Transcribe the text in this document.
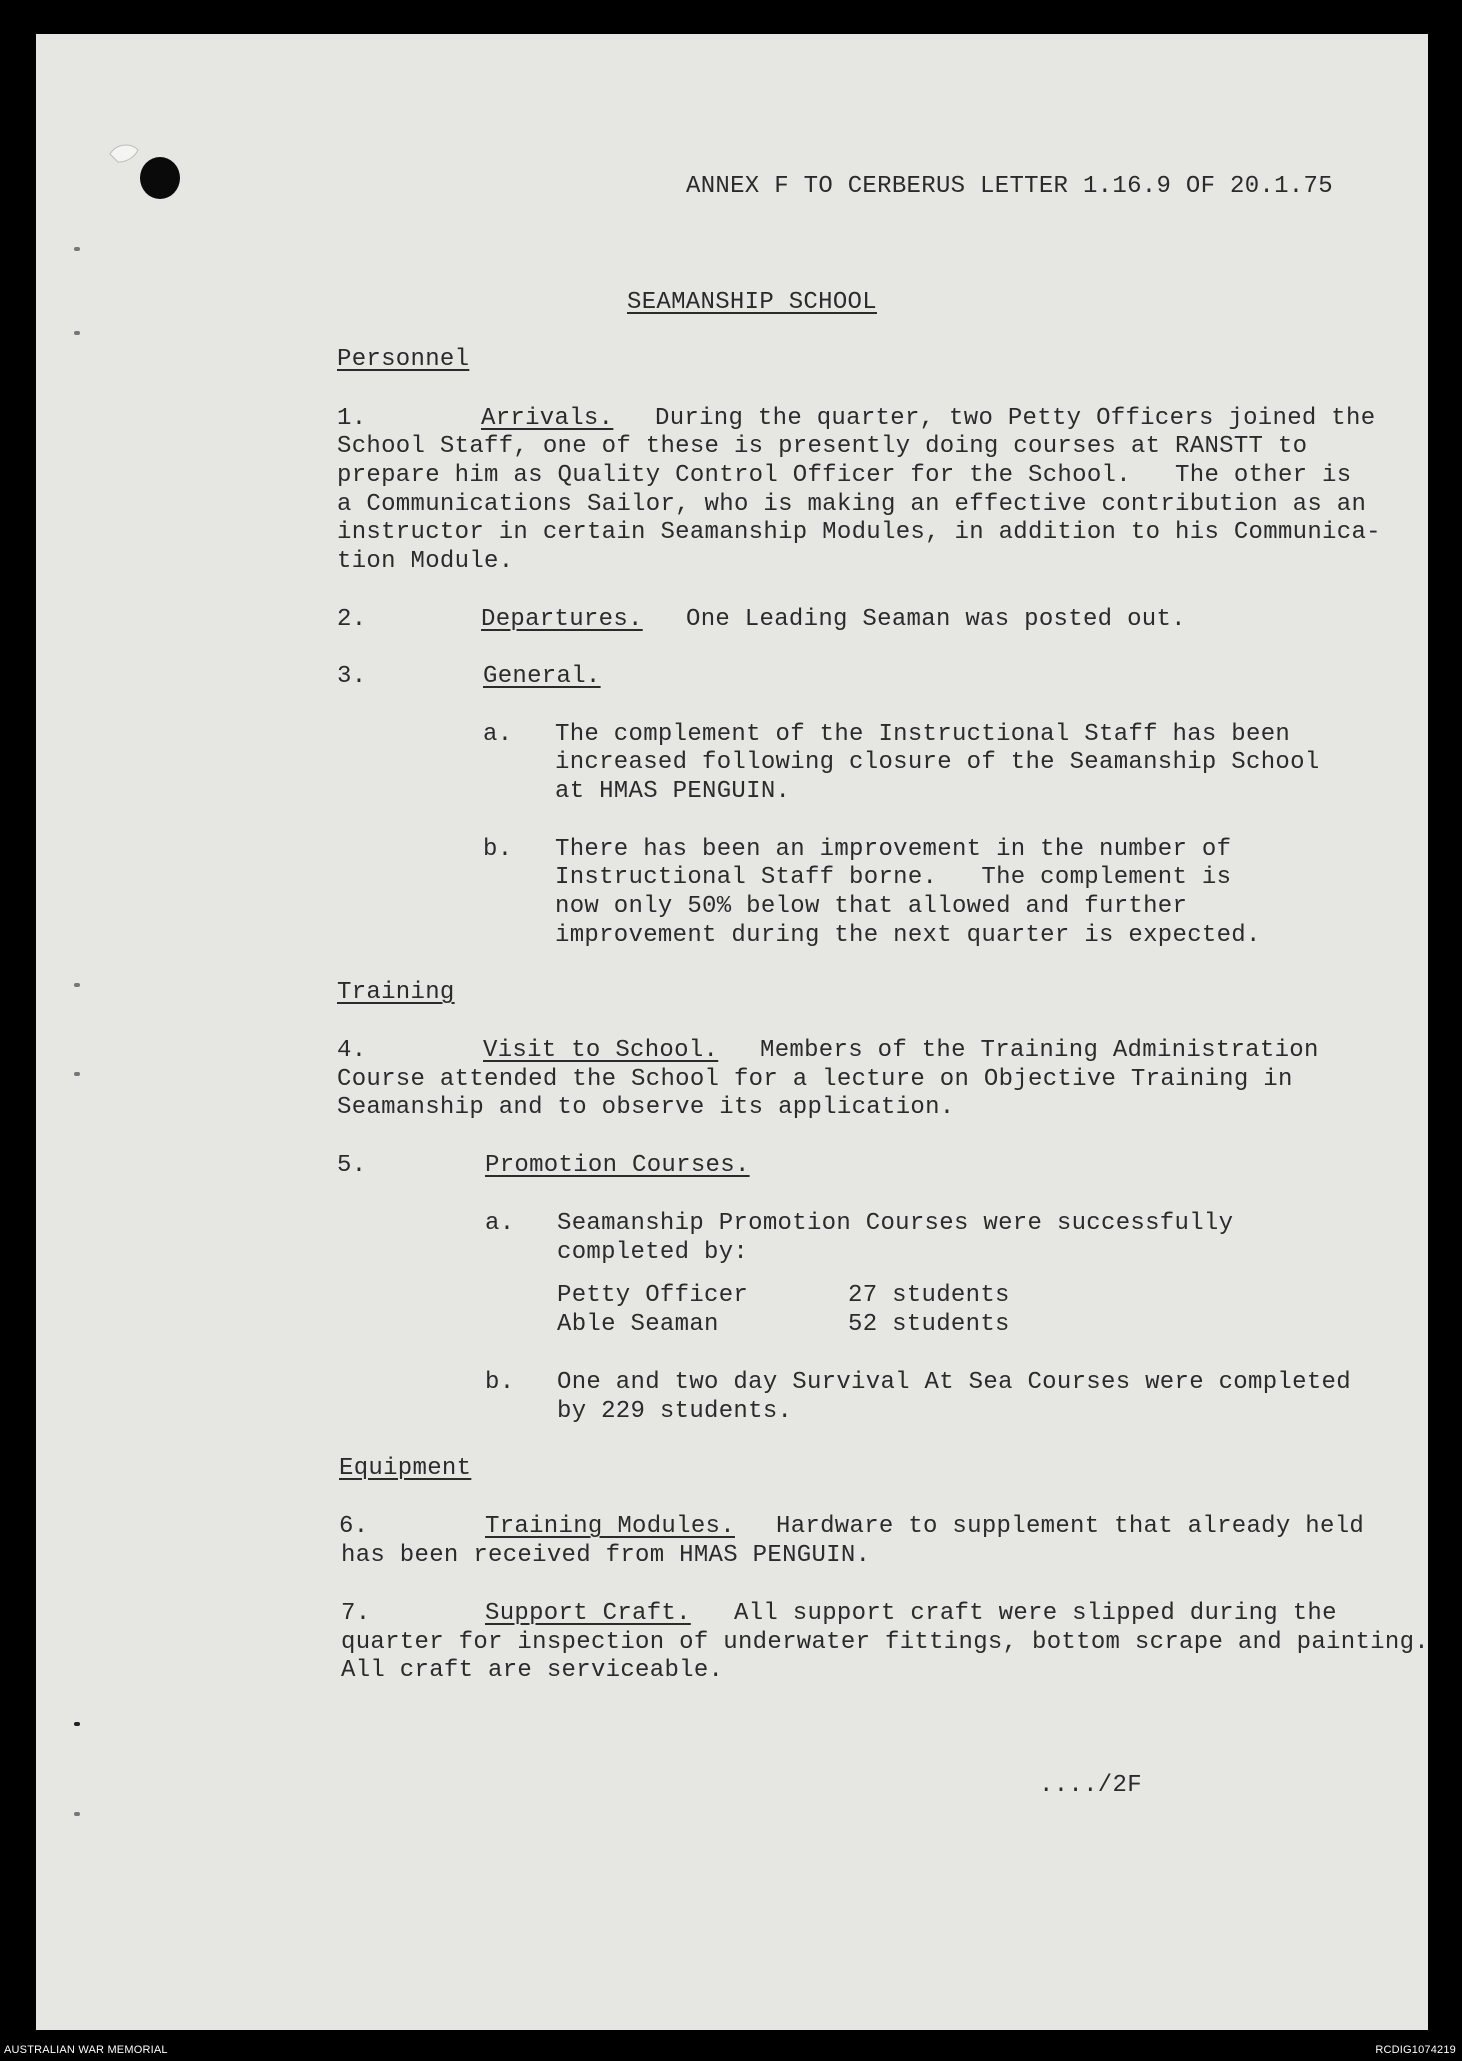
ANNEX F TO CERBERUS LETTER 1.16.9 OF 20.1.75
SEAMANSHIP SCHOOL
Personnel
1.	Arrivals. During the quarter, two Petty Officers joined the
School Staff, one of these is presently doing courses at RANSTT to
prepare him as Quality Control Officer for the School.   The other is
a Communications Sailor, who is making an effective contribution as an
instructor in certain Seamanship Modules, in addition to his Communica-
tion Module.
2.	Departures. One Leading Seaman was posted out.
3.	General.
a. The complement of the Instructional Staff has been
increased following closure of the Seamanship School
at HMAS PENGUIN.
b. There has been an improvement in the number of
Instructional Staff borne.   The complement is
now only 50% below that allowed and further
improvement during the next quarter is expected.
Training
4.	Visit to School. Members of the Training Administration
Course attended the School for a lecture on Objective Training in
Seamanship and to observe its application.
5.	Promotion Courses.
a. Seamanship Promotion Courses were successfully
completed by:
Petty Officer	27 students
Able Seaman	52 students
b. One and two day Survival At Sea Courses were completed
by 229 students.
Equipment
6.	Training Modules. Hardware to supplement that already held
has been received from HMAS PENGUIN.
7.	Support Craft. All support craft were slipped during the
quarter for inspection of underwater fittings, bottom scrape and painting.
All craft are serviceable.
..../2F
AUSTRALIAN WAR MEMORIAL	RCDIG1074219
